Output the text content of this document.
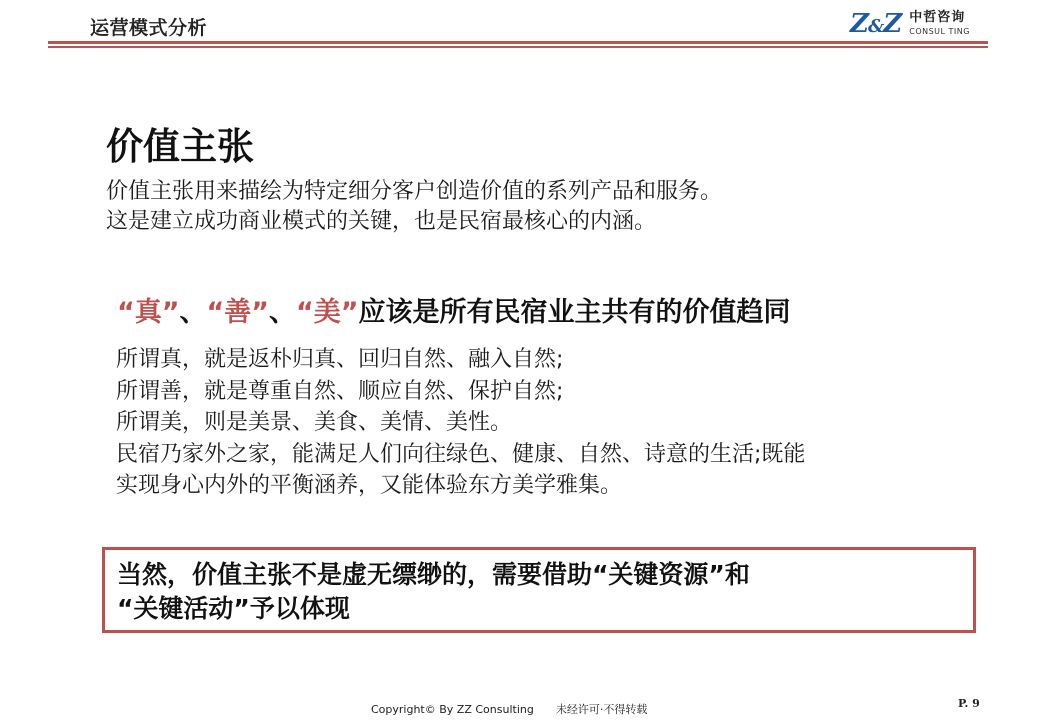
运营模式分析	Z&Z 中哲咨询
CONSUL TING
价值主张
价值主张用来描绘为特定细分客户创造价值的系列产品和服务。
这是建立成功商业模式的关键，也是民宿最核心的内涵。
“真”、“善”、“美”应该是所有民宿业主共有的价值趋同
所谓真，就是返朴归真、回归自然、融入自然;
所谓善，就是尊重自然、顺应自然、保护自然;
所谓美，则是美景、美食、美情、美性。
民宿乃家外之家，能满足人们向往绿色、健康、自然、诗意的生活;既能
实现身心内外的平衡涵养，又能体验东方美学雅集。
当然，价值主张不是虚无缥缈的，需要借助“关键资源”和
“关键活动”予以体现
Copyright© By ZZ Consulting 未经许可·不得转载	P. 9
